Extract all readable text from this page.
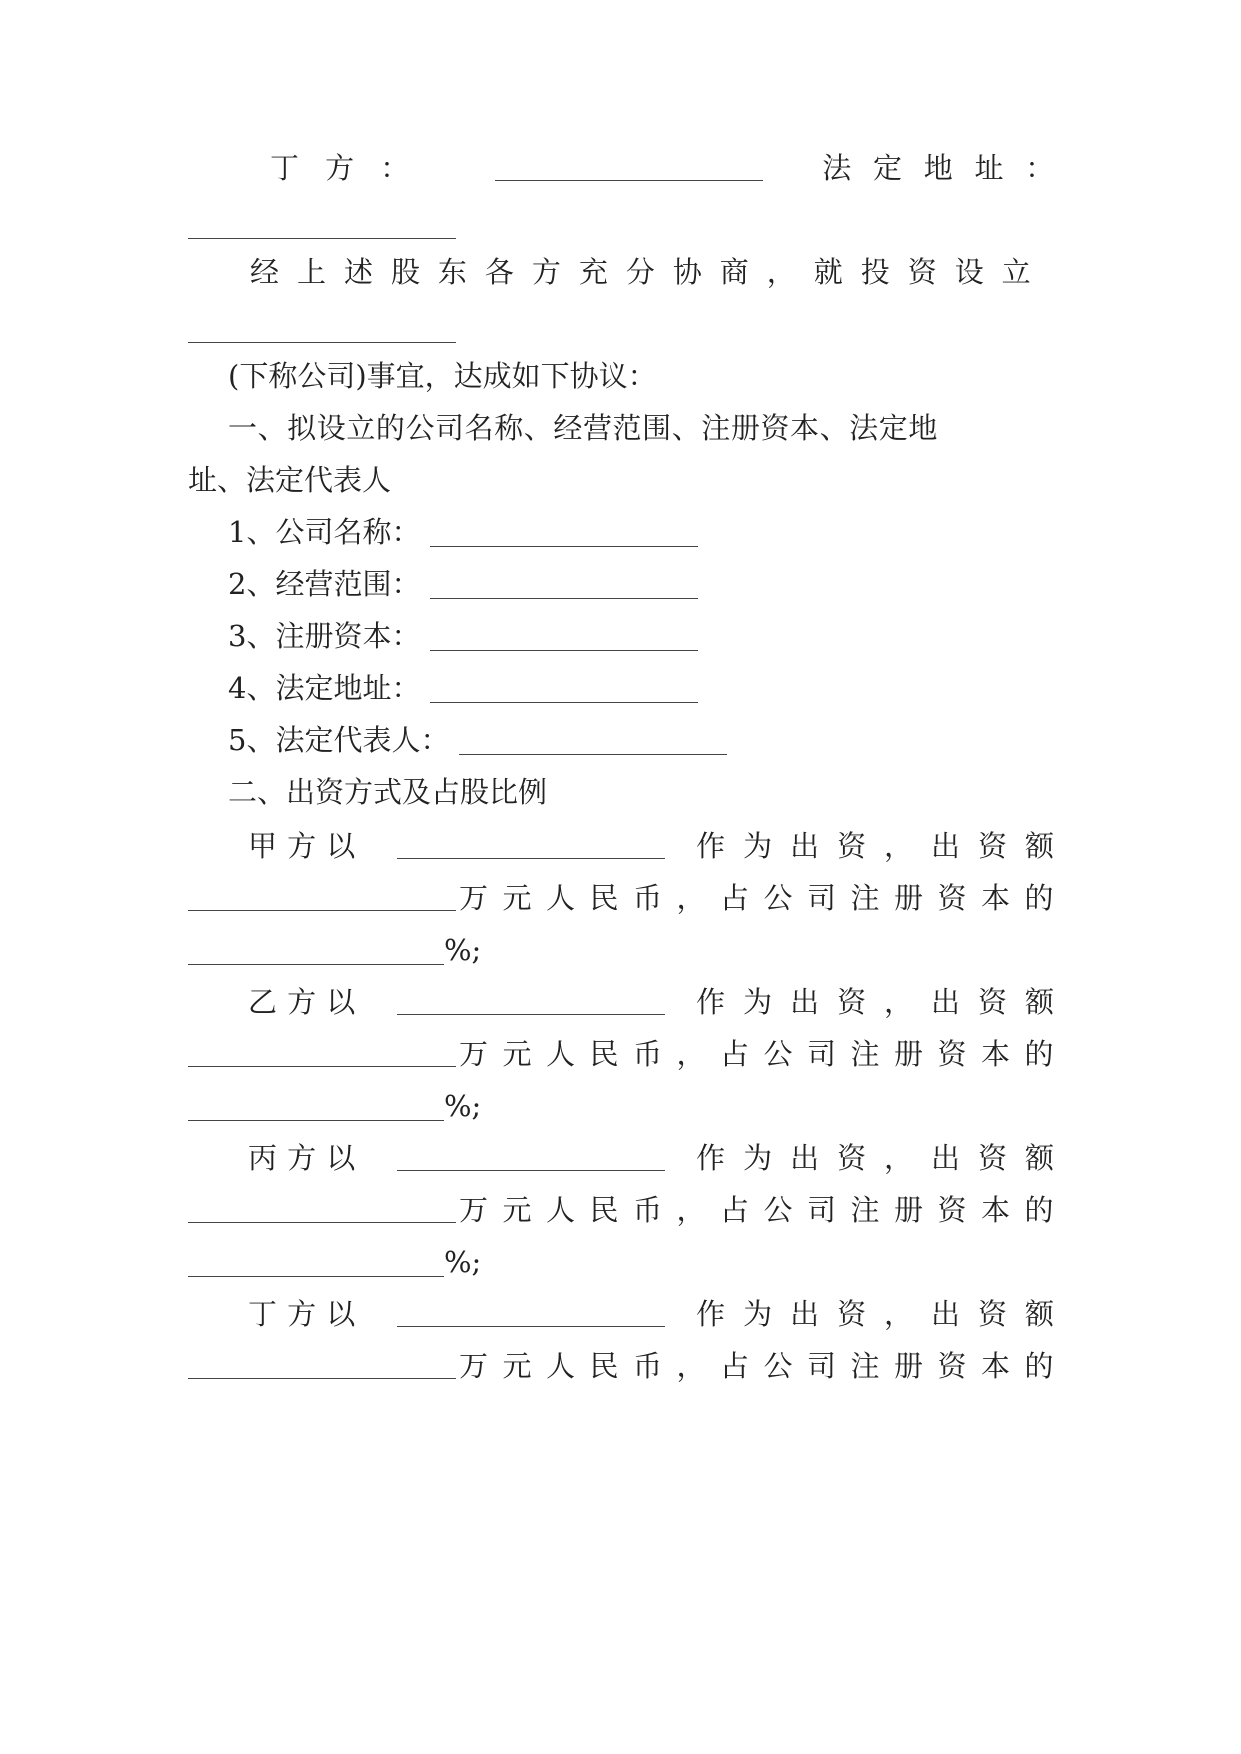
丁方：	法定地址：
经上述股东各方充分协商，就投资设立
(下称公司)事宜，达成如下协议：
一、拟设立的公司名称、经营范围、注册资本、法定地
址、法定代表人
1、公司名称：
2、经营范围：
3、注册资本：
4、法定地址：
5、法定代表人：
二、出资方式及占股比例
甲方以	作为出资，出资额
万元人民币，占公司注册资本的
%;
乙方以	作为出资，出资额
万元人民币，占公司注册资本的
%;
丙方以	作为出资，出资额
万元人民币，占公司注册资本的
%;
丁方以	作为出资，出资额
万元人民币，占公司注册资本的
